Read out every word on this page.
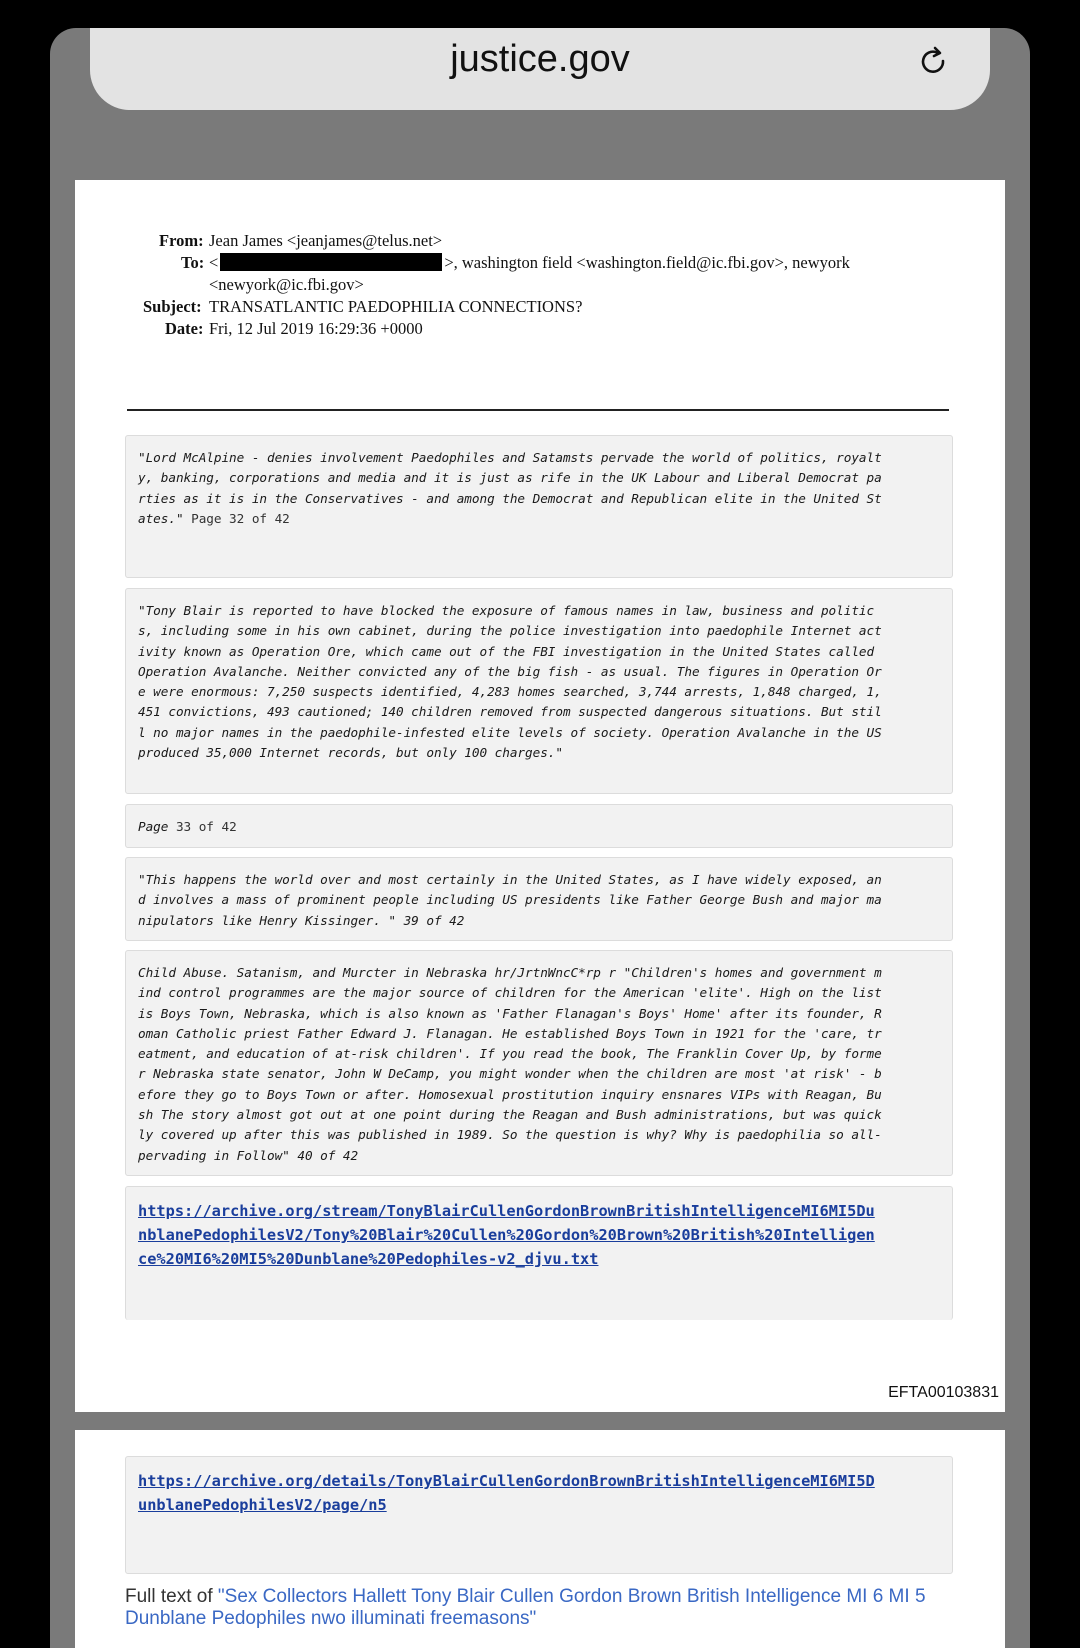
justice.gov
From: Jean James <jeanjames@telus.net>
To: <	>, washington field <washington.field@ic.fbi.gov>, newyork
<newyork@ic.fbi.gov>
Subject: TRANSATLANTIC PAEDOPHILIA CONNECTIONS?
Date: Fri, 12 Jul 2019 16:29:36 +0000
"Lord McAlpine - denies involvement Paedophiles and Satamsts pervade the world of politics, royalt
y, banking, corporations and media and it is just as rife in the UK Labour and Liberal Democrat pa
rties as it is in the Conservatives - and among the Democrat and Republican elite in the United St
ates." Page 32 of 42
"Tony Blair is reported to have blocked the exposure of famous names in law, business and politic
s, including some in his own cabinet, during the police investigation into paedophile Internet act
ivity known as Operation Ore, which came out of the FBI investigation in the United States called
Operation Avalanche. Neither convicted any of the big fish - as usual. The figures in Operation Or
e were enormous: 7,250 suspects identified, 4,283 homes searched, 3,744 arrests, 1,848 charged, 1,
451 convictions, 493 cautioned; 140 children removed from suspected dangerous situations. But stil
l no major names in the paedophile-infested elite levels of society. Operation Avalanche in the US
produced 35,000 Internet records, but only 100 charges."
Page 33 of 42
"This happens the world over and most certainly in the United States, as I have widely exposed, an
d involves a mass of prominent people including US presidents like Father George Bush and major ma
nipulators like Henry Kissinger. " 39 of 42
Child Abuse. Satanism, and Murcter in Nebraska hr/JrtnWncC*rp r "Children's homes and government m
ind control programmes are the major source of children for the American 'elite'. High on the list
is Boys Town, Nebraska, which is also known as 'Father Flanagan's Boys' Home' after its founder, R
oman Catholic priest Father Edward J. Flanagan. He established Boys Town in 1921 for the 'care, tr
eatment, and education of at-risk children'. If you read the book, The Franklin Cover Up, by forme
r Nebraska state senator, John W DeCamp, you might wonder when the children are most 'at risk' - b
efore they go to Boys Town or after. Homosexual prostitution inquiry ensnares VIPs with Reagan, Bu
sh The story almost got out at one point during the Reagan and Bush administrations, but was quick
ly covered up after this was published in 1989. So the question is why? Why is paedophilia so all-
pervading in Follow" 40 of 42
https://archive.org/stream/TonyBlairCullenGordonBrownBritishIntelligenceMI6MI5Du
nblanePedophilesV2/Tony%20Blair%20Cullen%20Gordon%20Brown%20British%20Intelligen
ce%20MI6%20MI5%20Dunblane%20Pedophiles-v2_djvu.txt
EFTA00103831
https://archive.org/details/TonyBlairCullenGordonBrownBritishIntelligenceMI6MI5D
unblanePedophilesV2/page/n5
Full text of "Sex Collectors Hallett Tony Blair Cullen Gordon Brown British Intelligence MI 6 MI 5 Dunblane Pedophiles nwo illuminati freemasons"
